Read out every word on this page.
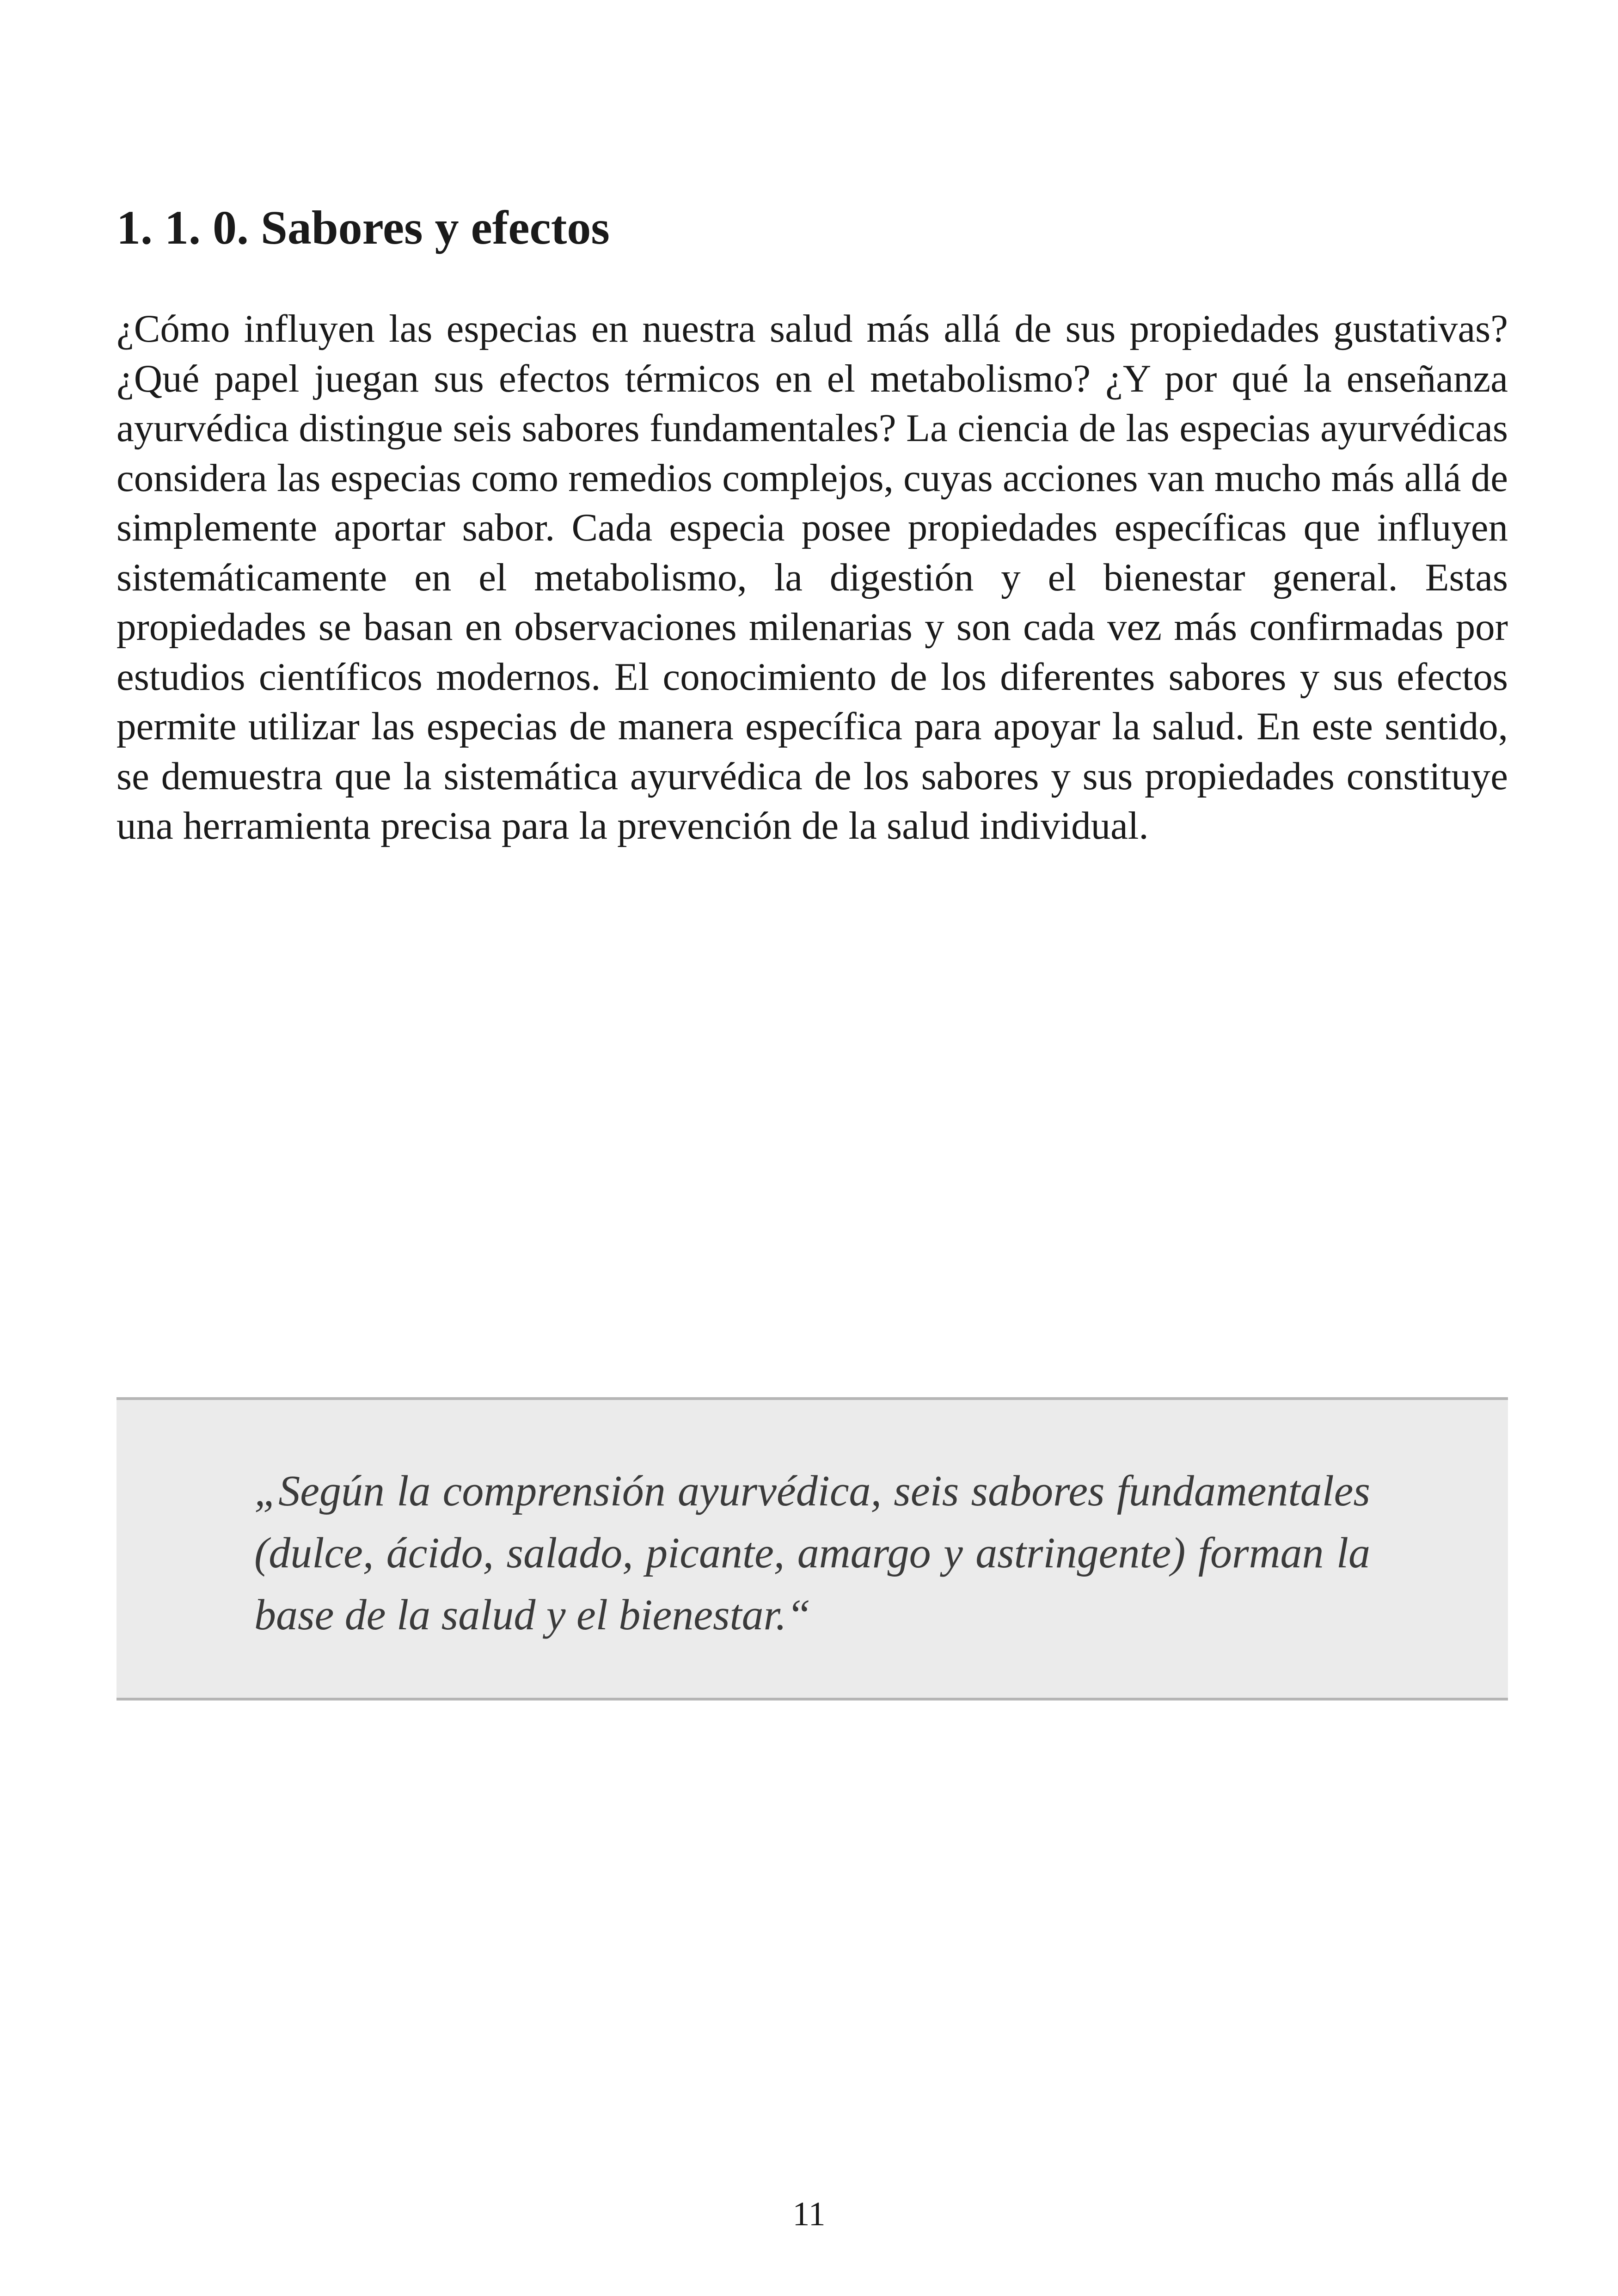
1. 1. 0. Sabores y efectos

¿Cómo influyen las especias en nuestra salud más allá de sus propiedades gustativas? ¿Qué papel juegan sus efectos térmicos en el metabolismo? ¿Y por qué la enseñanza ayurvédica distingue seis sabores fundamentales? La ciencia de las especias ayurvédicas considera las especias como remedios complejos, cuyas acciones van mucho más allá de simplemente aportar sabor. Cada especia posee propiedades específicas que influyen sistemáticamente en el metabolismo, la digestión y el bienestar general. Estas propiedades se basan en observaciones milenarias y son cada vez más confirmadas por estudios científicos modernos. El conocimiento de los diferentes sabores y sus efectos permite utilizar las especias de manera específica para apoyar la salud. En este sentido, se demuestra que la sistemática ayurvédica de los sabores y sus propiedades constituye una herramienta precisa para la prevención de la salud individual.

„Según la comprensión ayurvédica, seis sabores fundamentales (dulce, ácido, salado, picante, amargo y astringente) forman la base de la salud y el bienestar.“

11
